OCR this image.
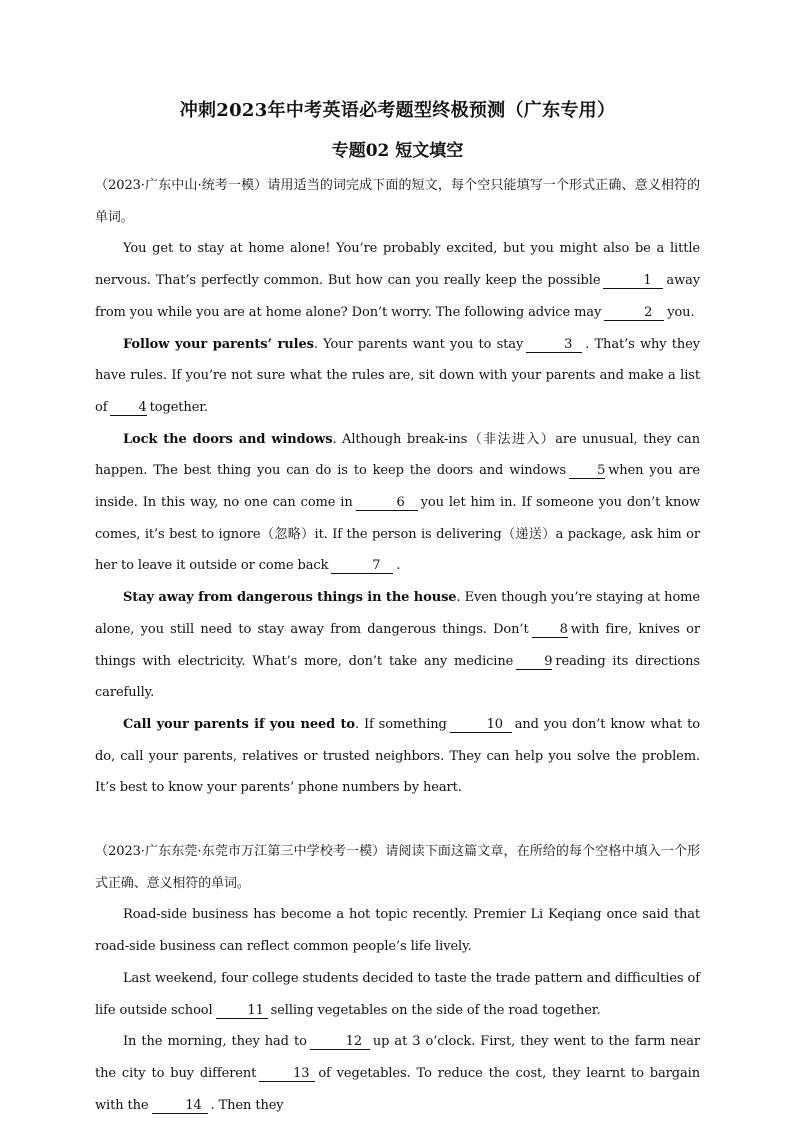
冲刺2023年中考英语必考题型终极预测（广东专用）
专题02 短文填空

（2023·广东中山·统考一模）请用适当的词完成下面的短文，每个空只能填写一个形式正确、意义相符的单词。

You get to stay at home alone! You’re probably excited, but you might also be a little nervous. That’s perfectly common. But how can you really keep the possible	1 away from you while you are at home alone? Don’t worry. The following advice may	2 you.

Follow your parents’ rules. Your parents want you to stay	3 . That’s why they have rules. If you’re not sure what the rules are, sit down with your parents and make a list of 4 together.

Lock the doors and windows. Although break-ins（非法进入）are unusual, they can happen. The best thing you can do is to keep the doors and windows 5 when you are inside. In this way, no one can come in	6 you let him in. If someone you don’t know comes, it’s best to ignore（忽略）it. If the person is delivering（递送）a package, ask him or her to leave it outside or come back	7 .

Stay away from dangerous things in the house. Even though you’re staying at home alone, you still need to stay away from dangerous things. Don’t 8 with fire, knives or things with electricity. What’s more, don’t take any medicine 9 reading its directions carefully.

Call your parents if you need to. If something	10 and you don’t know what to do, call your parents, relatives or trusted neighbors. They can help you solve the problem. It’s best to know your parents’ phone numbers by heart.

（2023·广东东莞·东莞市万江第三中学校考一模）请阅读下面这篇文章，在所给的每个空格中填入一个形式正确、意义相符的单词。

Road-side business has become a hot topic recently. Premier Li Keqiang once said that road-side business can reflect common people’s life lively.

Last weekend, four college students decided to taste the trade pattern and difficulties of life outside school	11 selling vegetables on the side of the road together.

In the morning, they had to	12 up at 3 o’clock. First, they went to the farm near the city to buy different	13 of vegetables. To reduce the cost, they learnt to bargain with the	14 . Then they
